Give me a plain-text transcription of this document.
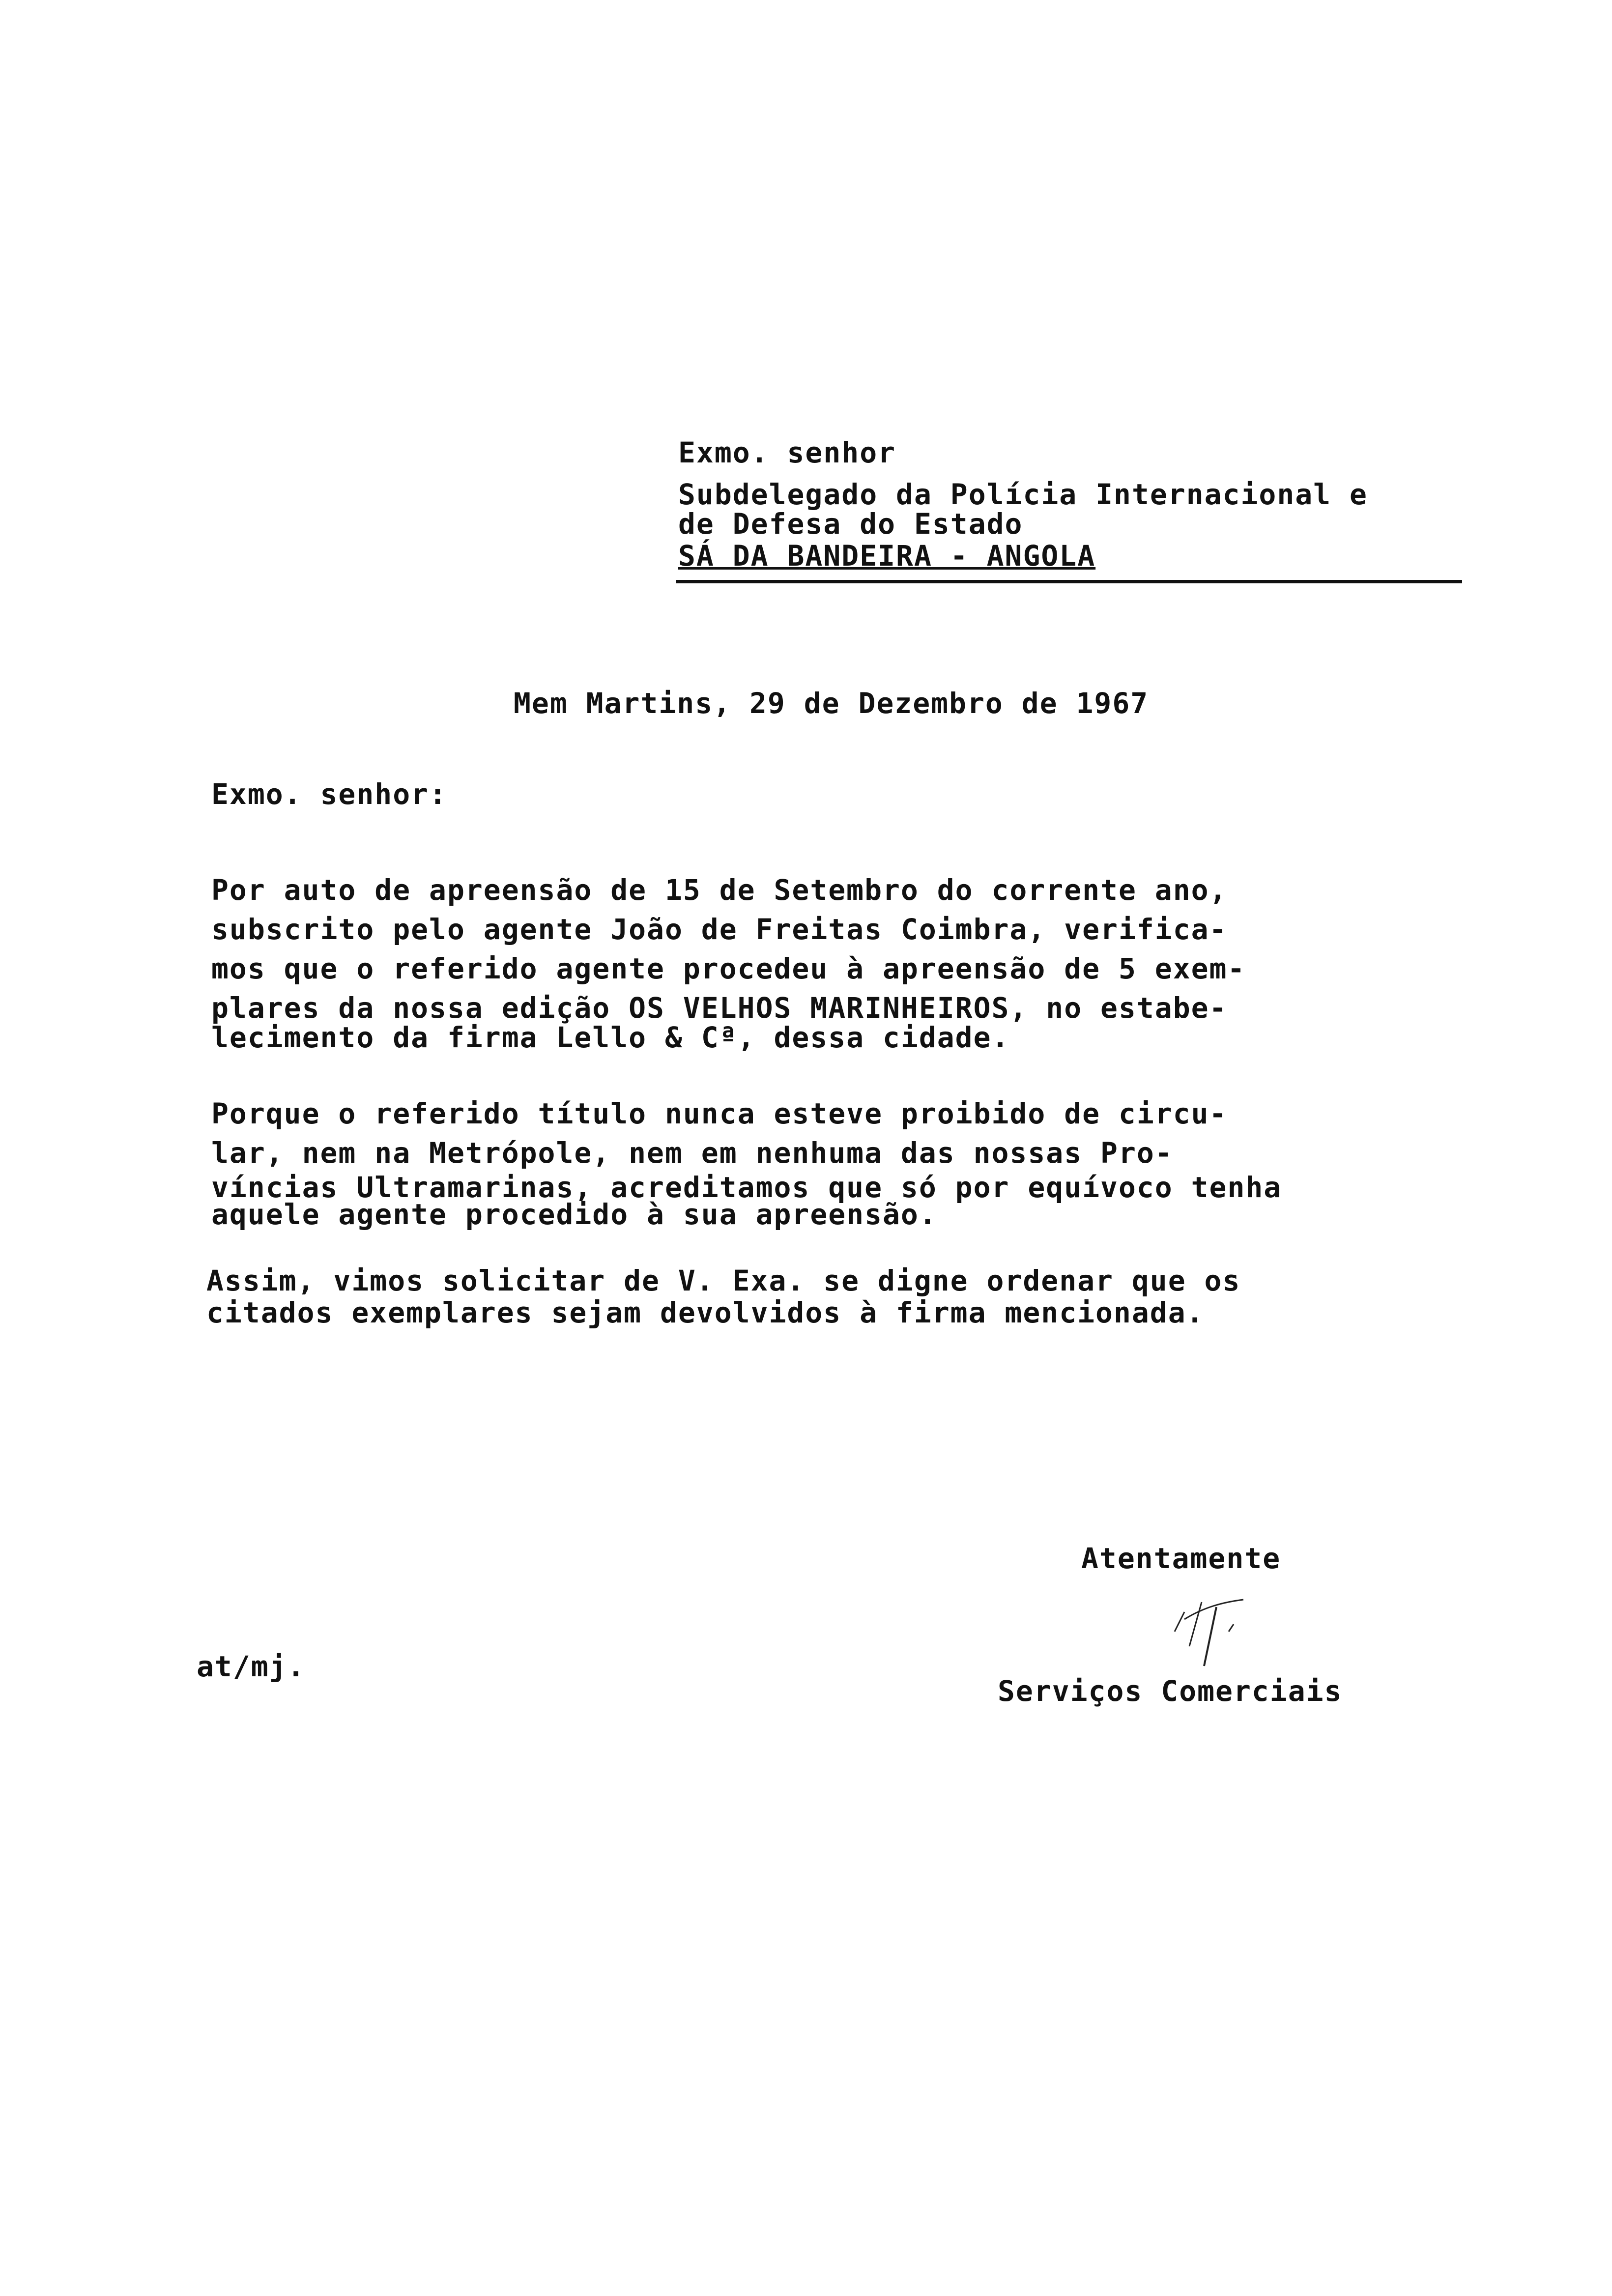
Exmo. senhor
Subdelegado da Polícia Internacional e
de Defesa do Estado
SÁ DA BANDEIRA - ANGOLA
Mem Martins, 29 de Dezembro de 1967
Exmo. senhor:
Por auto de apreensão de 15 de Setembro do corrente ano,
subscrito pelo agente João de Freitas Coimbra, verifica-
mos que o referido agente procedeu à apreensão de 5 exem-
plares da nossa edição OS VELHOS MARINHEIROS, no estabe-
lecimento da firma Lello & Cª, dessa cidade.
Porque o referido título nunca esteve proibido de circu-
lar, nem na Metrópole, nem em nenhuma das nossas Pro-
víncias Ultramarinas, acreditamos que só por equívoco tenha
aquele agente procedido à sua apreensão.
Assim, vimos solicitar de V. Exa. se digne ordenar que os
citados exemplares sejam devolvidos à firma mencionada.
Atentamente
at/mj.
Serviços Comerciais
